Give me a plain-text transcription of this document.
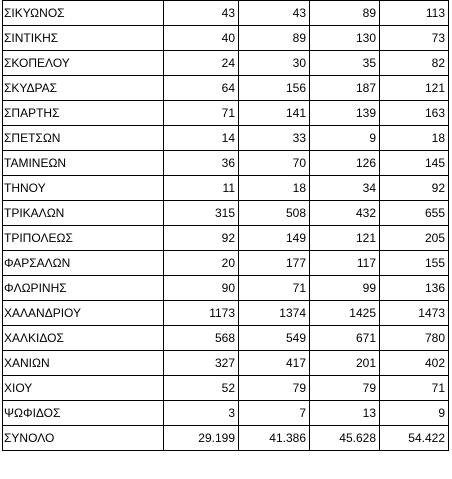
ΣΙΚΥΩΝΟΣ	43	43	89	113
ΣΙΝΤΙΚΗΣ	40	89	130	73
ΣΚΟΠΕΛΟΥ	24	30	35	82
ΣΚΥΔΡΑΣ	64	156	187	121
ΣΠΑΡΤΗΣ	71	141	139	163
ΣΠΕΤΣΩΝ	14	33	9	18
ΤΑΜΙΝΕΩΝ	36	70	126	145
ΤΗΝΟΥ	11	18	34	92
ΤΡΙΚΑΛΩΝ	315	508	432	655
ΤΡΙΠΟΛΕΩΣ	92	149	121	205
ΦΑΡΣΑΛΩΝ	20	177	117	155
ΦΛΩΡΙΝΗΣ	90	71	99	136
ΧΑΛΑΝΔΡΙΟΥ	1173	1374	1425	1473
ΧΑΛΚΙΔΟΣ	568	549	671	780
ΧΑΝΙΩΝ	327	417	201	402
ΧΙΟΥ	52	79	79	71
ΨΩΦΙΔΟΣ	3	7	13	9
ΣΥΝΟΛΟ	29.199	41.386	45.628	54.422
